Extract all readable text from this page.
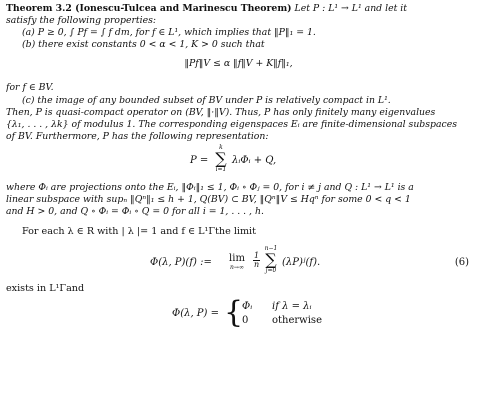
Theorem 3.2 (Ionescu-Tulcea and Marinescu Theorem) Let P : L¹ → L¹ and let it
satisfy the following properties:
(a) P ≥ 0, ∫ Pf = ∫ f dm, for f ∈ L¹, which implies that ‖P‖₁ = 1.
(b) there exist constants 0 < α < 1, K > 0 such that
‖Pf‖V ≤ α ‖f‖V + K‖f‖₁,
for f ∈ BV.
(c) the image of any bounded subset of BV under P is relatively compact in L¹.
Then, P is quasi-compact operator on (BV, ‖·‖V). Thus, P has only finitely many eigenvalues
{λ₁, . . . , λk} of modulus 1. The corresponding eigenspaces Eᵢ are finite-dimensional subspaces
of BV. Furthermore, P has the following representation:
P =
k
∑
i=1
λᵢΦᵢ + Q,
where Φᵢ are projections onto the Eᵢ, ‖Φᵢ‖₁ ≤ 1, Φᵢ ∘ Φⱼ = 0, for i ≠ j and Q : L¹ → L¹ is a
linear subspace with supₙ ‖Qⁿ‖₁ ≤ h + 1, Q(BV) ⊂ BV, ‖Qⁿ‖V ≤ Hqⁿ for some 0 < q < 1
and H > 0, and Q ∘ Φᵢ = Φᵢ ∘ Q = 0 for all i = 1, . . . , h.
For each λ ∈ R with | λ |= 1 and f ∈ L¹Γthe limit
Φ(λ, P)(f) :=	lim
n→∞	$\frac{1}{n}$
n−1
∑
j=0
(λP)ʲ(f).	(6)
exists in L¹Γand
Φ(λ, P) = {
Φᵢ if λ = λᵢ
0 otherwise
